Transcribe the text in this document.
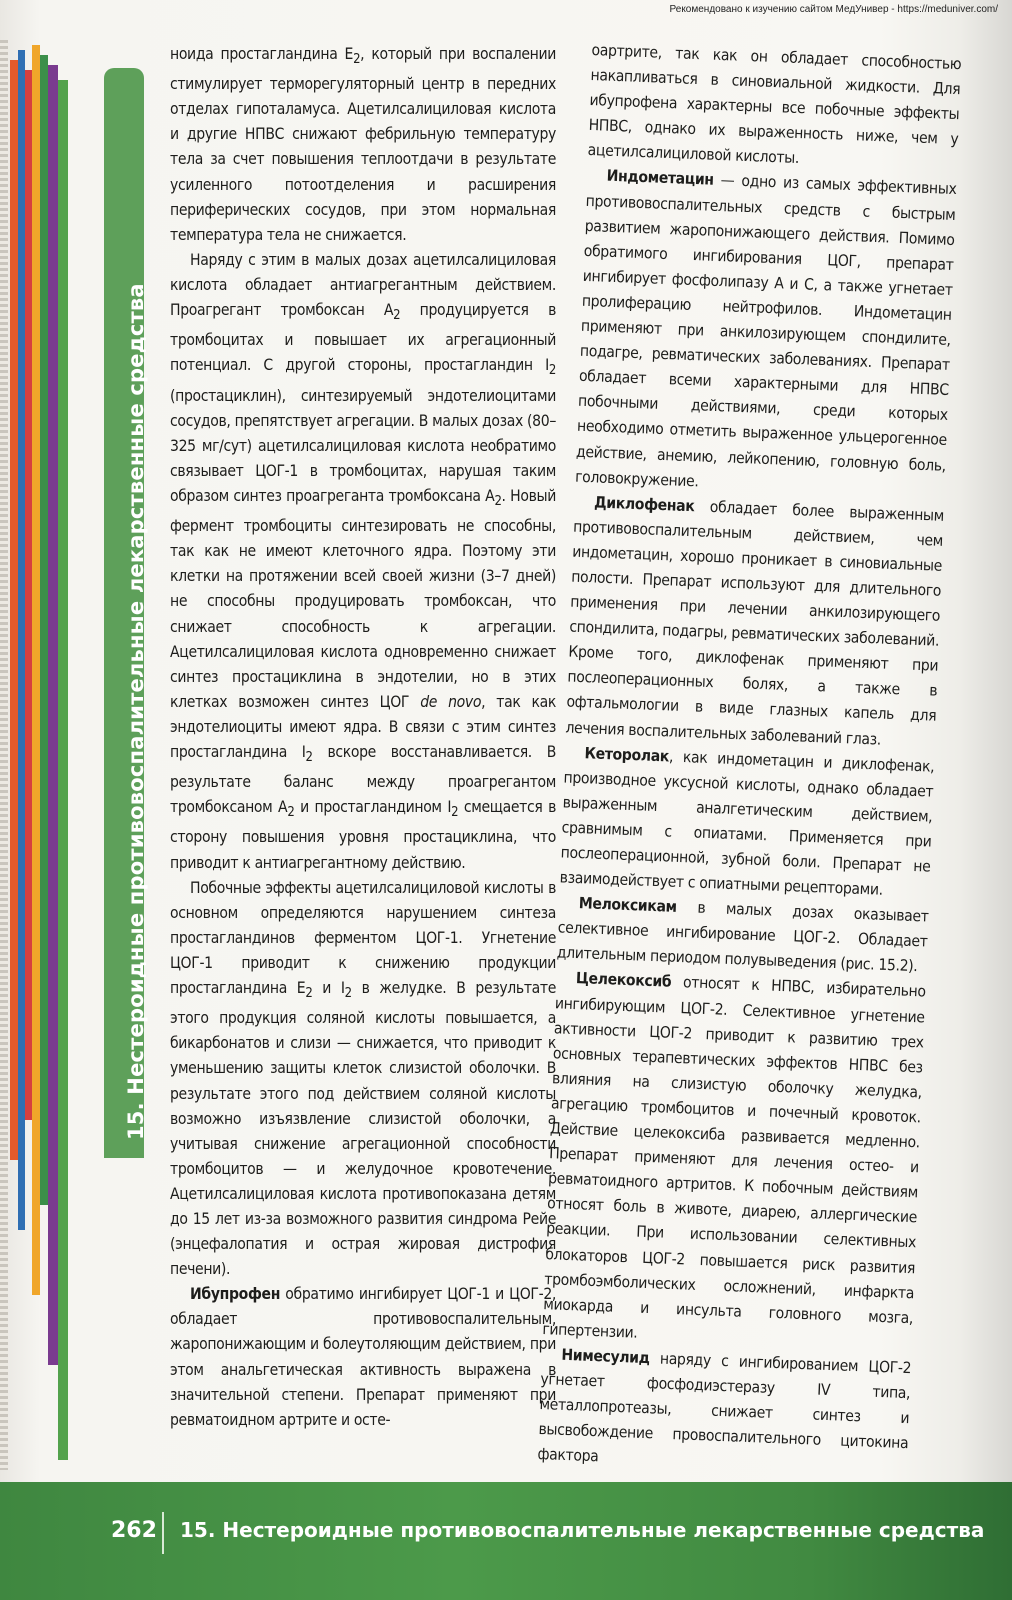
15. Нестероидные противовоспалительные лекарственные средства
Рекомендовано к изучению сайтом МедУнивер - https://meduniver.com/

ноида простагландина $E_2$, который при воспалении стимулирует терморегуляторный центр в передних отделах гипоталамуса. Ацетилсалициловая кислота и другие НПВС снижают фебрильную температуру тела за счет повышения теплоотдачи в результате усиленного потоотделения и расширения периферических сосудов, при этом нормальная температура тела не снижается.

Наряду с этим в малых дозах ацетилсалициловая кислота обладает антиагрегантным действием. Проагрегант тромбоксан $А_2$ продуцируется в тромбоцитах и повышает их агрегационный потенциал. С другой стороны, простагландин $I_2$ (простациклин), синтезируемый эндотелиоцитами сосудов, препятствует агрегации. В малых дозах (80–325 мг/сут) ацетилсалициловая кислота необратимо связывает ЦОГ-1 в тромбоцитах, нарушая таким образом синтез проагреганта тромбоксана $А_2$. Новый фермент тромбоциты синтезировать не способны, так как не имеют клеточного ядра. Поэтому эти клетки на протяжении всей своей жизни (3–7 дней) не способны продуцировать тромбоксан, что снижает способность к агрегации. Ацетилсалициловая кислота одновременно снижает синтез простациклина в эндотелии, но в этих клетках возможен синтез ЦОГ de novo, так как эндотелиоциты имеют ядра. В связи с этим синтез простагландина $I_2$ вскоре восстанавливается. В результате баланс между проагрегантом тромбоксаном $А_2$ и простагландином $I_2$ смещается в сторону повышения уровня простациклина, что приводит к антиагрегантному действию.

Побочные эффекты ацетилсалициловой кислоты в основном определяются нарушением синтеза простагландинов ферментом ЦОГ-1. Угнетение ЦОГ-1 приводит к снижению продукции простагландина $E_2$ и $I_2$ в желудке. В результате этого продукция соляной кислоты повышается, а бикарбонатов и слизи — снижается, что приводит к уменьшению защиты клеток слизистой оболочки. В результате этого под действием соляной кислоты возможно изъязвление слизистой оболочки, а учитывая снижение агрегационной способности тромбоцитов — и желудочное кровотечение. Ацетилсалициловая кислота противопоказана детям до 15 лет из-за возможного развития синдрома Рейе (энцефалопатия и острая жировая дистрофия печени).

Ибупрофен обратимо ингибирует ЦОГ-1 и ЦОГ-2, обладает противовоспалительным, жаропонижающим и болеутоляющим действием, при этом анальгетическая активность выражена в значительной степени. Препарат применяют при ревматоидном артрите и осте-

оартрите, так как он обладает способностью накапливаться в синовиальной жидкости. Для ибупрофена характерны все побочные эффекты НПВС, однако их выраженность ниже, чем у ацетилсалициловой кислоты.

Индометацин — одно из самых эффективных противовоспалительных средств с быстрым развитием жаропонижающего действия. Помимо обратимого ингибирования ЦОГ, препарат ингибирует фосфолипазу А и С, а также угнетает пролиферацию нейтрофилов. Индометацин применяют при анкилозирующем спондилите, подагре, ревматических заболеваниях. Препарат обладает всеми характерными для НПВС побочными действиями, среди которых необходимо отметить выраженное ульцерогенное действие, анемию, лейкопению, головную боль, головокружение.

Диклофенак обладает более выраженным противовоспалительным действием, чем индометацин, хорошо проникает в синовиальные полости. Препарат используют для длительного применения при лечении анкилозирующего спондилита, подагры, ревматических заболеваний. Кроме того, диклофенак применяют при послеоперационных болях, а также в офтальмологии в виде глазных капель для лечения воспалительных заболеваний глаз.

Кеторолак, как индометацин и диклофенак, производное уксусной кислоты, однако обладает выраженным аналгетическим действием, сравнимым с опиатами. Применяется при послеоперационной, зубной боли. Препарат не взаимодействует с опиатными рецепторами.

Мелоксикам в малых дозах оказывает селективное ингибирование ЦОГ-2. Обладает длительным периодом полувыведения (рис. 15.2).

Целекоксиб относят к НПВС, избирательно ингибирующим ЦОГ-2. Селективное угнетение активности ЦОГ-2 приводит к развитию трех основных терапевтических эффектов НПВС без влияния на слизистую оболочку желудка, агрегацию тромбоцитов и почечный кровоток. Действие целекоксиба развивается медленно. Препарат применяют для лечения остео- и ревматоидного артритов. К побочным действиям относят боль в животе, диарею, аллергические реакции. При использовании селективных блокаторов ЦОГ-2 повышается риск развития тромбоэмболических осложнений, инфаркта миокарда и инсульта головного мозга, гипертензии.

Нимесулид наряду с ингибированием ЦОГ-2 угнетает фосфодиэстеразу IV типа, металлопротеазы, снижает синтез и высвобождение провоспалительного цитокина фактора

262 15. Нестероидные противовоспалительные лекарственные средства
